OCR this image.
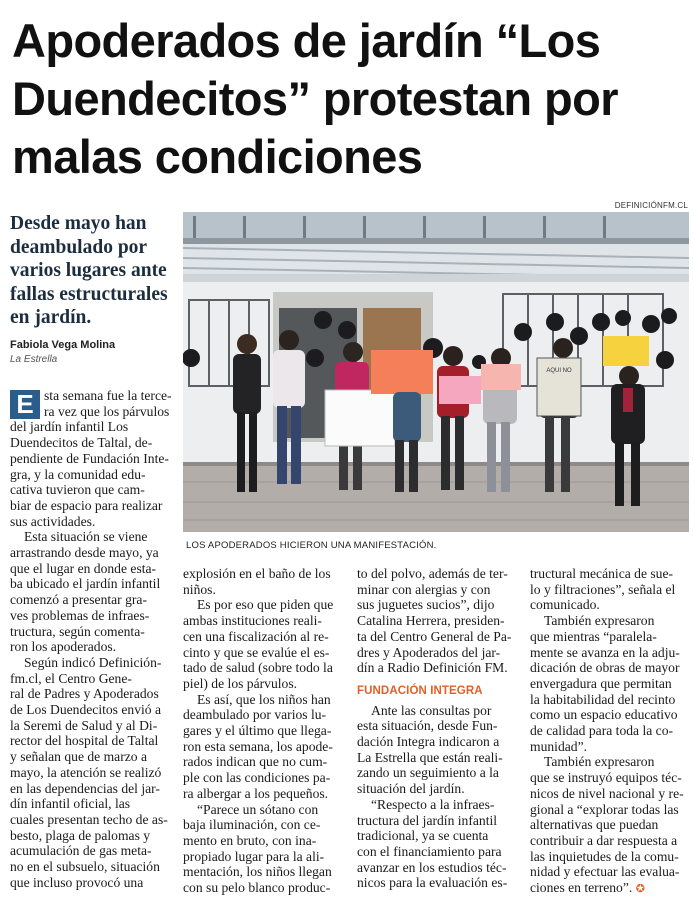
Apoderados de jardín “Los
Duendecitos” protestan por
malas condiciones
DEFINICIÓNFM.CL
Desde mayo han
deambulado por
varios lugares ante
fallas estructurales
en jardín.
Fabiola Vega Molina
La Estrella
AQUI NO
LOS APODERADOS HICIERON UNA MANIFESTACIÓN.
E sta semana fue la terce-
ra vez que los párvulos
del jardín infantil Los
Duendecitos de Taltal, de-
pendiente de Fundación Inte-
gra, y la comunidad edu-
cativa tuvieron que cam-
biar de espacio para realizar
sus actividades.
Esta situación se viene
arrastrando desde mayo, ya
que el lugar en donde esta-
ba ubicado el jardín infantil
comenzó a presentar gra-
ves problemas de infraes-
tructura, según comenta-
ron los apoderados.
Según indicó Definición-
fm.cl, el Centro Gene-
ral de Padres y Apoderados
de Los Duendecitos envió a
la Seremi de Salud y al Di-
rector del hospital de Taltal
y señalan que de marzo a
mayo, la atención se realizó
en las dependencias del jar-
dín infantil oficial, las
cuales presentan techo de as-
besto, plaga de palomas y
acumulación de gas meta-
no en el subsuelo, situación
que incluso provocó una
explosión en el baño de los
niños.
Es por eso que piden que
ambas instituciones reali-
cen una fiscalización al re-
cinto y que se evalúe el es-
tado de salud (sobre todo la
piel) de los párvulos.
Es así, que los niños han
deambulado por varios lu-
gares y el último que llega-
ron esta semana, los apode-
rados indican que no cum-
ple con las condiciones pa-
ra albergar a los pequeños.
“Parece un sótano con
baja iluminación, con ce-
mento en bruto, con ina-
propiado lugar para la ali-
mentación, los niños llegan
con su pelo blanco produc-
to del polvo, además de ter-
minar con alergias y con
sus juguetes sucios”, dijo
Catalina Herrera, presiden-
ta del Centro General de Pa-
dres y Apoderados del jar-
dín a Radio Definición FM.
FUNDACIÓN INTEGRA
Ante las consultas por
esta situación, desde Fun-
dación Integra indicaron a
La Estrella que están reali-
zando un seguimiento a la
situación del jardín.
“Respecto a la infraes-
tructura del jardín infantil
tradicional, ya se cuenta
con el financiamiento para
avanzar en los estudios téc-
nicos para la evaluación es-
tructural mecánica de sue-
lo y filtraciones”, señala el
comunicado.
También expresaron
que mientras “paralela-
mente se avanza en la adju-
dicación de obras de mayor
envergadura que permitan
la habitabilidad del recinto
como un espacio educativo
de calidad para toda la co-
munidad”.
También expresaron
que se instruyó equipos téc-
nicos de nivel nacional y re-
gional a “explorar todas las
alternativas que puedan
contribuir a dar respuesta a
las inquietudes de la comu-
nidad y efectuar las evalua-
ciones en terreno”. ✪
